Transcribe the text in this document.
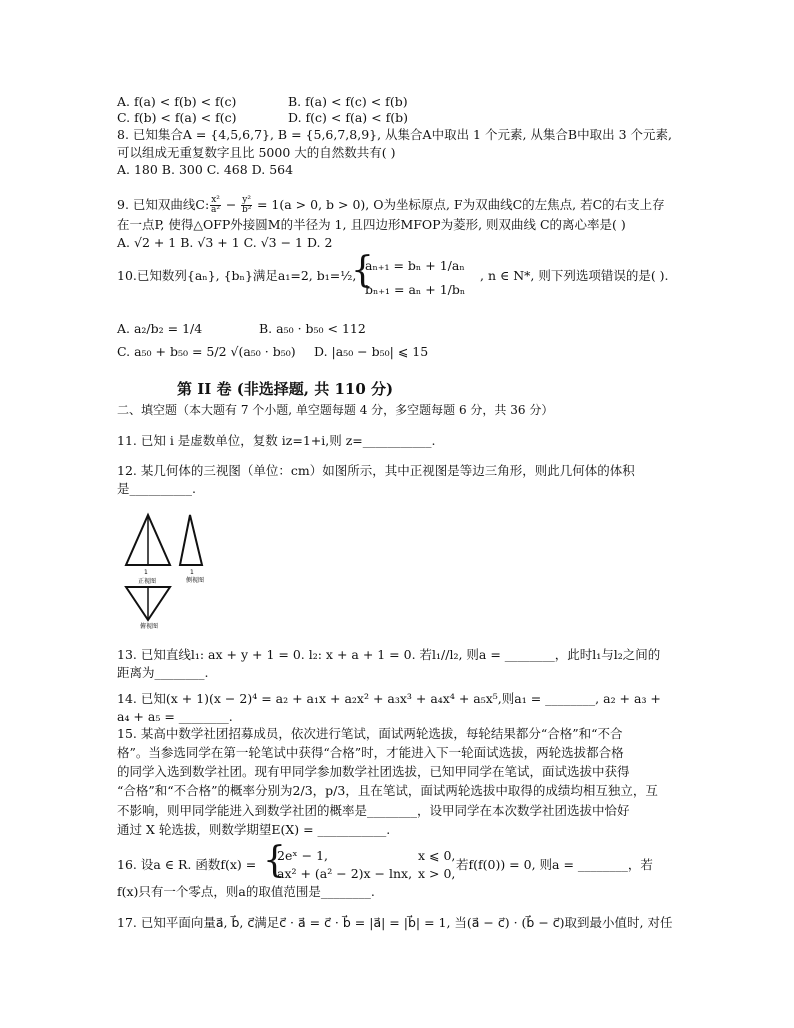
A. f(a) < f(b) < f(c)	B. f(a) < f(c) < f(b)
C. f(b) < f(a) < f(c)	D. f(c) < f(a) < f(b)
8. 已知集合A = {4,5,6,7}, B = {5,6,7,8,9}, 从集合A中取出 1 个元素, 从集合B中取出 3 个元素,
可以组成无重复数字且比 5000 大的自然数共有( )
A. 180 B. 300 C. 468 D. 564
9. 已知双曲线C: $\frac{\text{x²}}{\text{a²}} - \frac{\text{y²}}{\text{b²}} = 1(a > 0$, b > 0), O为坐标原点, F为双曲线C的左焦点, 若C的右支上存
在一点P, 使得△OFP外接圆M的半径为 1, 且四边形MFOP为菱形, 则双曲线 C的离心率是( )
A. √2 + 1 B. √3 + 1 C. √3 − 1 D. 2
10.已知数列{aₙ}, {bₙ}满足a₁=2, b₁=½,
{
aₙ₊₁ = bₙ + 1/aₙ
bₙ₊₁ = aₙ + 1/bₙ
, n ∈ N*, 则下列选项错误的是( ).
A. a₂/b₂ = 1/4	B. a₅₀ · b₅₀ < 112
C. a₅₀ + b₅₀ = 5/2 √(a₅₀ · b₅₀) D. |a₅₀ − b₅₀| ⩽ 15
第 II 卷 (非选择题, 共 110 分)
二、填空题（本大题有 7 个小题, 单空题每题 4 分，多空题每题 6 分，共 36 分）
11. 已知 i 是虚数单位，复数 iz=1+i,则 z=___________.
12. 某几何体的三视图（单位：cm）如图所示，其中正视图是等边三角形，则此几何体的体积
是__________.
1
正视图
1
侧视图
俯视图
13. 已知直线l₁: ax + y + 1 = 0. l₂: x + a + 1 = 0. 若l₁//l₂, 则a = ________，此时l₁与l₂之间的
距离为________.
14. 已知(x + 1)(x − 2)⁴ = a₂ + a₁x + a₂x² + a₃x³ + a₄x⁴ + a₅x⁵,则a₁ = ________, a₂ + a₃ +
a₄ + a₅ = ________.
15. 某高中数学社团招募成员，依次进行笔试，面试两轮选拔，每轮结果都分“合格”和“不合
格”。当参选同学在第一轮笔试中获得“合格”时，才能进入下一轮面试选拔，两轮选拔都合格
的同学入选到数学社团。现有甲同学参加数学社团选拔，已知甲同学在笔试，面试选拔中获得
“合格”和“不合格”的概率分别为2/3，p/3，且在笔试，面试两轮选拔中取得的成绩均相互独立，互
不影响，则甲同学能进入到数学社团的概率是________，设甲同学在本次数学社团选拔中恰好
通过 X 轮选拔，则数学期望E(X) = ___________.
16. 设a ∈ R. 函数f(x) = {
2eˣ − 1,	x ⩽ 0,
ax² + (a² − 2)x − lnx, x > 0,
若f(f(0)) = 0, 则a = ________，若
f(x)只有一个零点，则a的取值范围是________.
17. 已知平面向量a⃗, b⃗, c⃗满足c⃗ · a⃗ = c⃗ · b⃗ = |a⃗| = |b⃗| = 1, 当(a⃗ − c⃗) · (b⃗ − c⃗)取到最小值时, 对任
